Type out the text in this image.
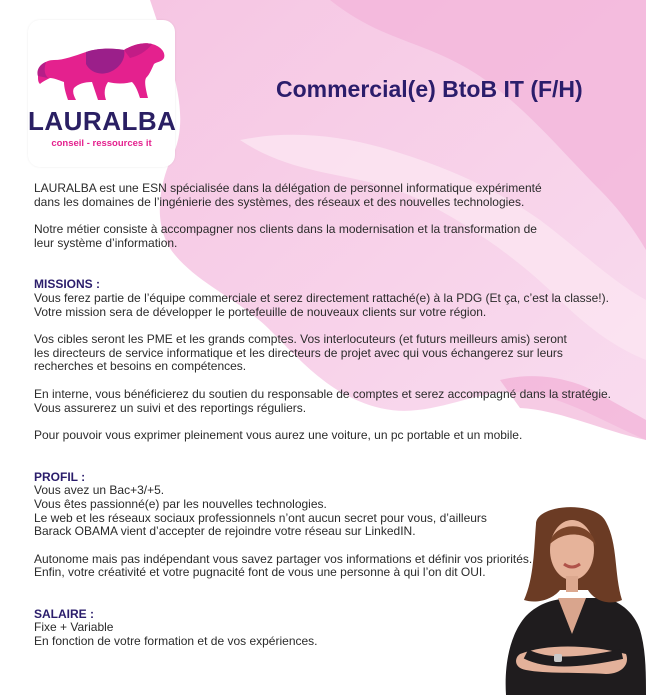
LAURALBA
conseil - ressources it
Commercial(e) BtoB IT (F/H)

LAURALBA est une ESN spécialisée dans la délégation de personnel informatique expérimenté
dans les domaines de l’ingénierie des systèmes, des réseaux et des nouvelles technologies.

Notre métier consiste à accompagner nos clients dans la modernisation et la transformation de
leur système d’information.

MISSIONS :

Vous ferez partie de l’équipe commerciale et serez directement rattaché(e) à la PDG (Et ça, c’est la classe!).
Votre mission sera de développer le portefeuille de nouveaux clients sur votre région.

Vos cibles seront les PME et les grands comptes. Vos interlocuteurs (et futurs meilleurs amis) seront
les directeurs de service informatique et les directeurs de projet avec qui vous échangerez sur leurs
recherches et besoins en compétences.

En interne, vous bénéficierez du soutien du responsable de comptes et serez accompagné dans la stratégie.
Vous assurerez un suivi et des reportings réguliers.

Pour pouvoir vous exprimer pleinement vous aurez une voiture, un pc portable et un mobile.

PROFIL :

Vous avez un Bac+3/+5.
Vous êtes passionné(e) par les nouvelles technologies.
Le web et les réseaux sociaux professionnels n’ont aucun secret pour vous, d’ailleurs
Barack OBAMA vient d’accepter de rejoindre votre réseau sur LinkedIN.

Autonome mais pas indépendant vous savez partager vos informations et définir vos priorités.
Enfin, votre créativité et votre pugnacité font de vous une personne à qui l’on dit OUI.

SALAIRE :

Fixe + Variable
En fonction de votre formation et de vos expériences.
